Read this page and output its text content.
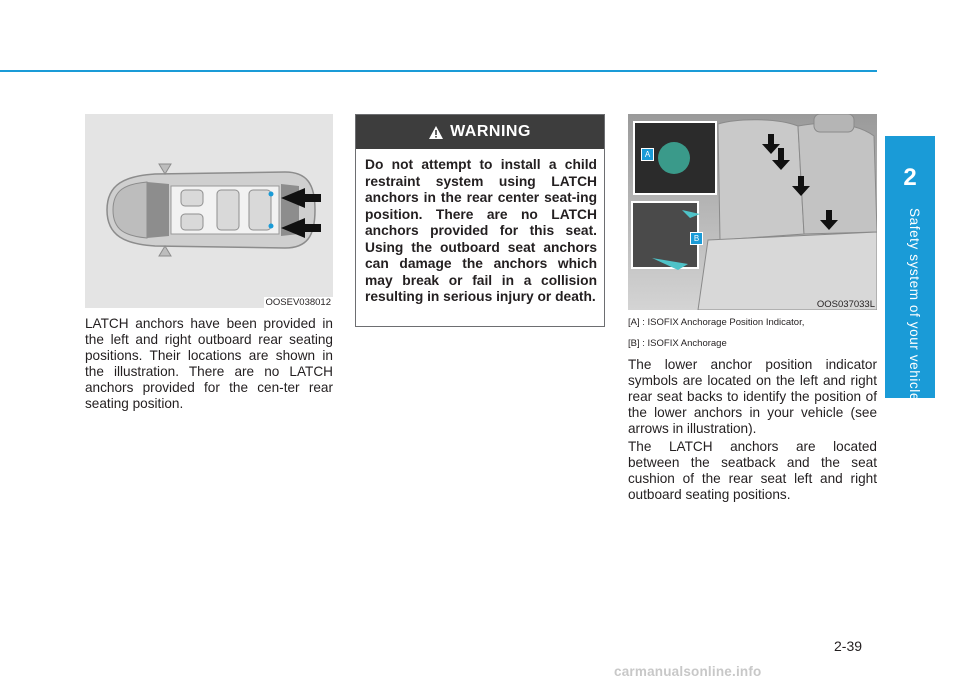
2
Safety system of your vehicle
OOSEV038012
LATCH anchors have been provided in the left and right outboard rear seating positions. Their locations are shown in the illustration. There are no LATCH anchors provided for the cen-ter rear seating position.
WARNING
Do not attempt to install a child restraint system using LATCH anchors in the rear center seat-ing position. There are no LATCH anchors provided for this seat. Using the outboard seat anchors can damage the anchors which may break or fail in a collision resulting in serious injury or death.
A
B
OOS037033L
[A] : ISOFIX Anchorage Position Indicator,
[B] : ISOFIX Anchorage
The lower anchor position indicator symbols are located on the left and right rear seat backs to identify the position of the lower anchors in your vehicle (see arrows in illustration).
The LATCH anchors are located between the seatback and the seat cushion of the rear seat left and right outboard seating positions.
2-39
carmanualsonline.info
